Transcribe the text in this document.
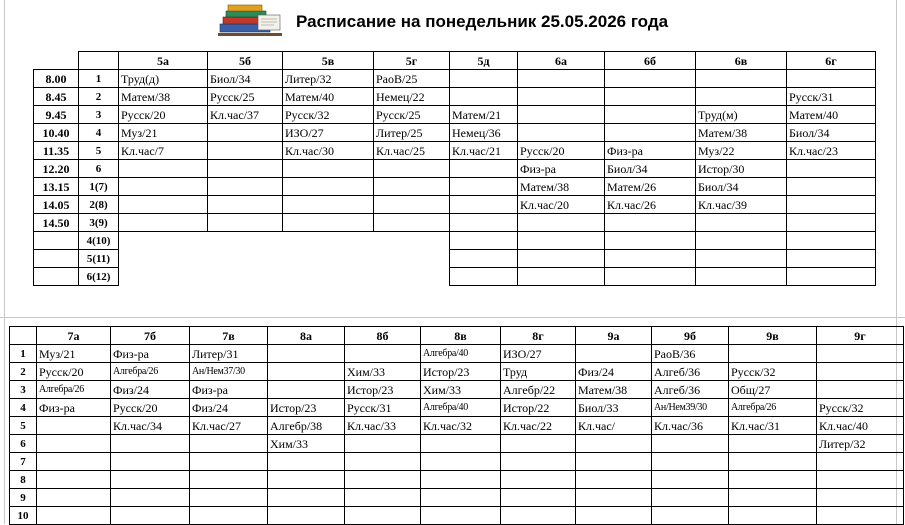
Расписание на понедельник 25.05.2026 года
		5а	5б	5в	5г	5д	6а	6б	6в	6г
8.00	1	Труд(д)	Биол/34	Литер/32	РаоВ/25					
8.45	2	Матем/38	Русск/25	Матем/40	Немец/22					Русск/31
9.45	3	Русск/20	Кл.час/37	Русск/32	Русск/25	Матем/21			Труд(м)	Матем/40
10.40	4	Муз/21		ИЗО/27	Литер/25	Немец/36			Матем/38	Биол/34
11.35	5	Кл.час/7		Кл.час/30	Кл.час/25	Кл.час/21	Русск/20	Физ-ра	Муз/22	Кл.час/23
12.20	6						Физ-ра	Биол/34	Истор/30	
13.15	1(7)						Матем/38	Матем/26	Биол/34	
14.05	2(8)						Кл.час/20	Кл.час/26	Кл.час/39	
14.50	3(9)									
	4(10)									
	5(11)									
	6(12)									
	7а	7б	7в	8а	8б	8в	8г	9а	9б	9в	9г
1	Муз/21	Физ-ра	Литер/31			Алгебра/40	ИЗО/27		РаоВ/36		
2	Русск/20	Алгебра/26	Ан/Нем37/30		Хим/33	Истор/23	Труд	Физ/24	Алгеб/36	Русск/32	
3	Алгебра/26	Физ/24	Физ-ра		Истор/23	Хим/33	Алгебр/22	Матем/38	Алгеб/36	Общ/27	
4	Физ-ра	Русск/20	Физ/24	Истор/23	Русск/31	Алгебра/40	Истор/22	Биол/33	Ан/Нем39/30	Алгебра/26	Русск/32
5		Кл.час/34	Кл.час/27	Алгебр/38	Кл.час/33	Кл.час/32	Кл.час/22	Кл.час/	Кл.час/36	Кл.час/31	Кл.час/40
6				Хим/33							Литер/32
7											
8											
9											
10											
